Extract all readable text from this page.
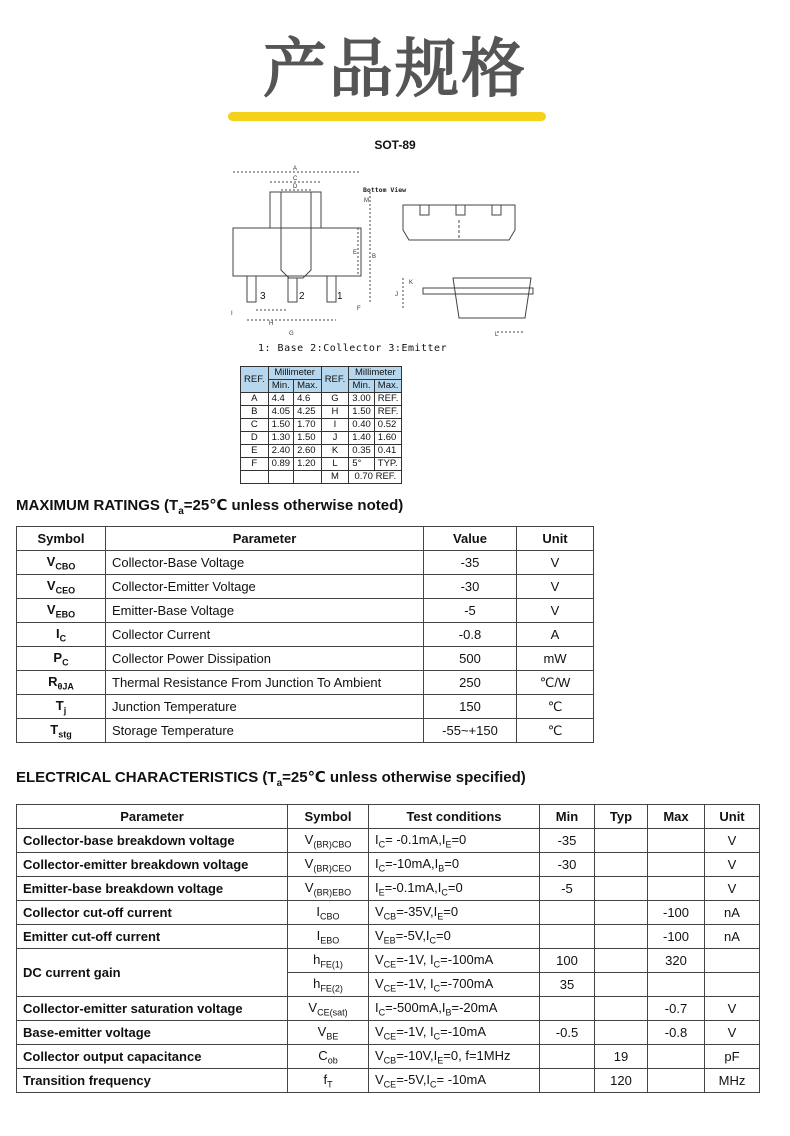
产品规格
SOT-89
A
C
D
M
E
B
F
I
H
G
J
K
L
3	2	1
Bottom View
1: Base 2:Collector 3:Emitter
REF.	Millimeter		REF.	Millimeter	
	Min.	Max.		Min.	Max.
A	4.4	4.6	G	3.00	REF.
B	4.05	4.25	H	1.50	REF.
C	1.50	1.70	I	0.40	0.52
D	1.30	1.50	J	1.40	1.60
E	2.40	2.60	K	0.35	0.41
F	0.89	1.20	L	5°	TYP.
			M	0.70 REF.	
MAXIMUM RATINGS ($T_a=25℃$ unless otherwise noted)
Symbol	Parameter	Value	Unit
$V_{CBO}$	Collector-Base Voltage	-35	V
$V_{CEO}$	Collector-Emitter Voltage	-30	V
$V_{EBO}$	Emitter-Base Voltage	-5	V
$I_C$	Collector Current	-0.8	A
$P_C$	Collector Power Dissipation	500	mW
$R_{\theta JA}$	Thermal Resistance From Junction To Ambient	250	℃/W
$T_j$	Junction Temperature	150	℃
$T_{stg}$	Storage Temperature	-55~+150	℃
ELECTRICAL CHARACTERISTICS ($T_a=25℃$ unless otherwise specified)
Parameter	Symbol	Test conditions	Min	Typ	Max	Unit
Collector-base breakdown voltage	$V_{(BR)CBO}$	$I_C= -0.1mA,I_E=0$	-35			V
Collector-emitter breakdown voltage	$V_{(BR)CEO}$	$I_C=-10mA,I_B=0$	-30			V
Emitter-base breakdown voltage	$V_{(BR)EBO}$	$I_E=-0.1mA,I_C=0$	-5			V
Collector cut-off current	$I_{CBO}$	$V_{CB}=-35V,I_E=0$			-100	nA
Emitter cut-off current	$I_{EBO}$	$V_{EB}=-5V,I_C=0$			-100	nA
DC current gain	$h_{FE(1)}$	$V_{CE}=-1V$, $I_C=-100mA$	100		320	
	$h_{FE(2)}$	$V_{CE}=-1V$, $I_C=-700mA$	35			
Collector-emitter saturation voltage	$V_{CE(sat)}$	$I_C=-500mA,I_B=-20mA$			-0.7	V
Base-emitter voltage	$V_{BE}$	$V_{CE}=-1V$, $I_C=-10mA$	-0.5		-0.8	V
Collector output capacitance	$C_{ob}$	$V_{CB}=-10V,I_E=0$, f=1MHz		19		pF
Transition frequency	$f_T$	$V_{CE}=-5V,I_C= -10mA$		120		MHz
